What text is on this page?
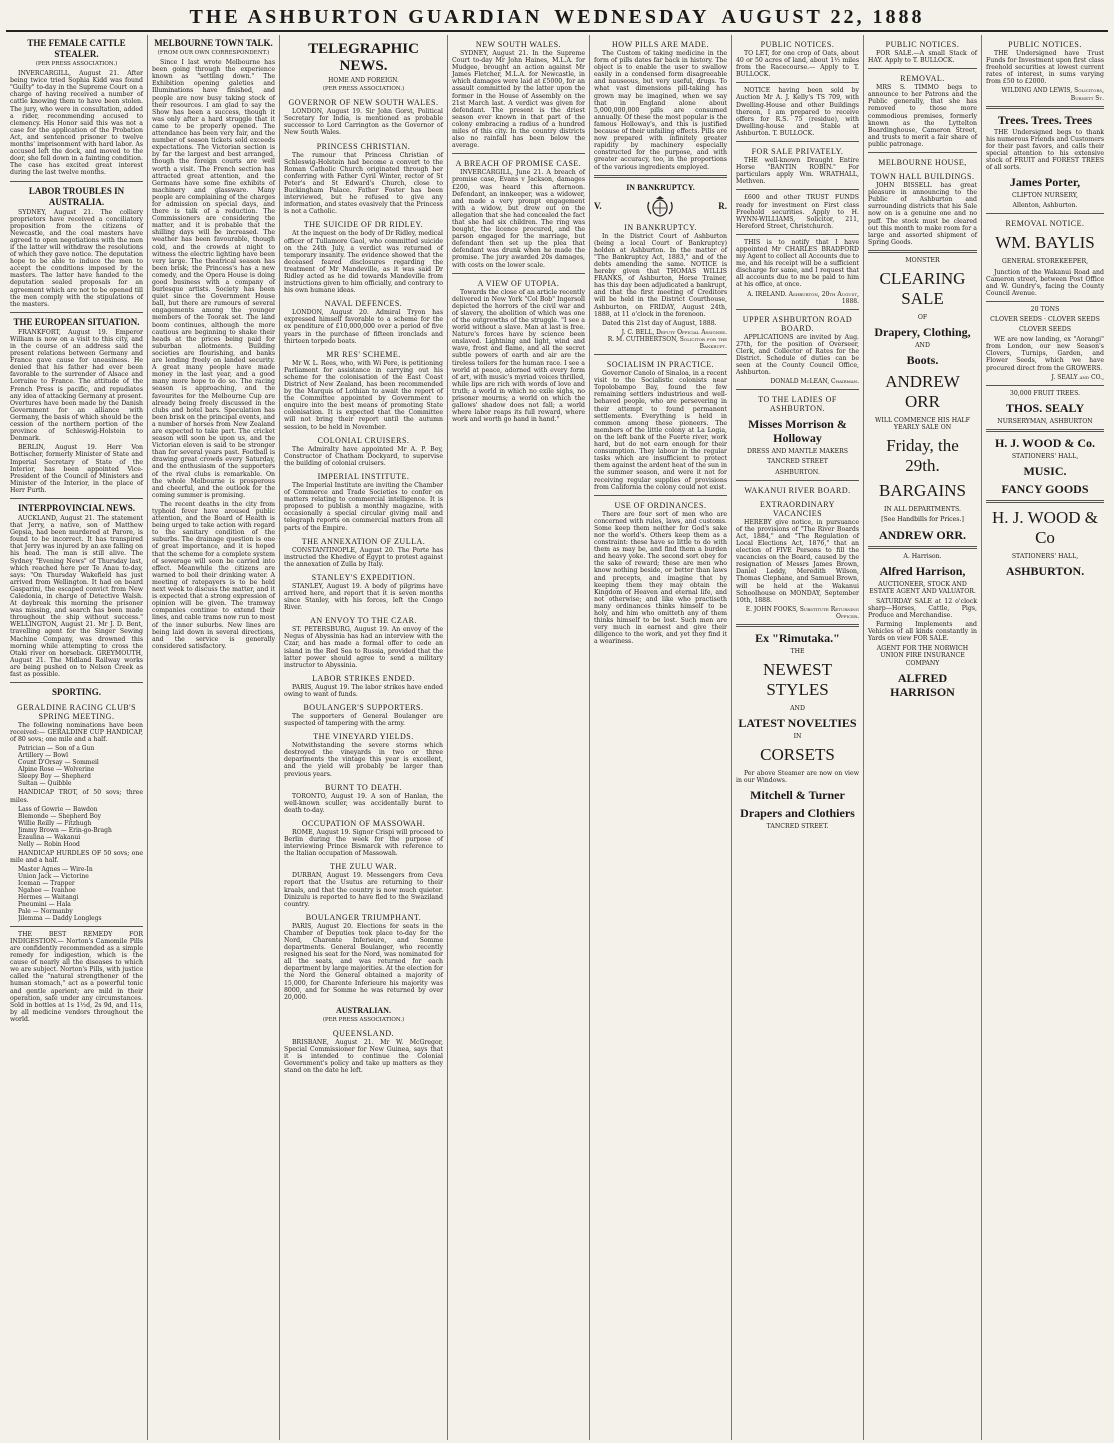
THE ASHBURTON GUARDIAN WEDNESDAY AUGUST 22, 1888
THE FEMALE CATTLE STEALER.
(PER PRESS ASSOCIATION.)

INVERCARGILL, August 21. After being twice tried Sophia Kidd was found "Guilty" to-day in the Supreme Court on a charge of having received a number of cattle knowing them to have been stolen. The jury, who were in consultation, added a rider, recommending accused to clemency. His Honor said this was not a case for the application of the Probation Act, and sentenced prisoner to twelve months' imprisonment with hard labor. As accused left the dock, and moved to the door, she fell down in a fainting condition. The case has excited great interest during the last twelve months.

LABOR TROUBLES IN AUSTRALIA.

SYDNEY, August 21. The colliery proprietors have received a conciliatory proposition from the citizens of Newcastle, and the coal masters have agreed to open negotiations with the men if the latter will withdraw the resolutions of which they gave notice. The deputation hope to be able to induce the men to accept the conditions imposed by the masters. The latter have handed to the deputation sealed proposals for an agreement which are not to be opened till the men comply with the stipulations of the masters.

THE EUROPEAN SITUATION.

FRANKFORT, August 19. Emperor William is now on a visit to this city, and in the course of an address said the present relations between Germany and France gave cause for uneasiness. He denied that his father had ever been favorable to the surrender of Alsace and Lorraine to France. The attitude of the French Press is pacific, and repudiates any idea of attacking Germany at present. Overtures have been made by the Danish Government for an alliance with Germany, the basis of which should be the cession of the northern portion of the province of Schleswig-Holstein to Denmark.

BERLIN, August 19. Herr Von Bottischer, formerly Minister of State and Imperial Secretary of State of the Interior, has been appointed Vice-President of the Council of Ministers and Minister of the Interior, in the place of Herr Furth.

INTERPROVINCIAL NEWS.

AUCKLAND, August 21. The statement that Jerry, a native, son of Matthew Gepsia, had been murdered at Parore, is found to be incorrect. It has transpired that Jerry was injured by an axe falling on his head. The man is still alive. The Sydney "Evening News" of Thursday last, which reached here per Te Anau to-day, says: "On Thursday Wakefield has just arrived from Wellington. It had on board Gasparini, the escaped convict from New Caledonia, in charge of Detective Walsh. At daybreak this morning the prisoner was missing, and search has been made throughout the ship without success." WELLINGTON, August 21. Mr J. D. Bent, travelling agent for the Singer Sewing Machine Company, was drowned this morning while attempting to cross the Otaki river on horseback. GREYMOUTH, August 21. The Midland Railway works are being pushed on to Nelson Creek as fast as possible.

SPORTING.
GERALDINE RACING CLUB'S SPRING MEETING.

The following nominations have been received:— GERALDINE CUP HANDICAP, of 80 sovs; one mile and a half.

Patrician — Son of a Gun
Artillery — Bowl
Count D'Orsay — Sommeil
Alpine Rose — Wolverine
Sleepy Boy — Shepherd
Sultan — Quibble

HANDICAP TROT, of 50 sovs; three miles.

Lass of Gowrie — Bawdon
Blemonde — Shepherd Boy
Willie Reilly — Fitzhugh
Jimmy Brown — Erin-go-Bragh
Ezaulina — Wakanui
Nelly — Robin Hood

HANDICAP HURDLES OF 50 sovs; one mile and a half.

Master Agnes — Wire-In
Union Jack — Victorine
Iceman — Trapper
Ngahee — Ivanhoe
Hermes — Waitangi
Pneumini — Hala
Pale — Normanby
Jilemma — Daddy Longlegs

THE BEST REMEDY FOR INDIGESTION.— Norton's Camomile Pills are confidently recommended as a simple remedy for indigestion, which is the cause of nearly all the diseases to which we are subject. Norton's Pills, with justice called the "natural strengthener of the human stomach," act as a powerful tonic and gentle aperient; are mild in their operation, safe under any circumstances. Sold in bottles at 1s 1½d, 2s 9d, and 11s, by all medicine vendors throughout the world.

MELBOURNE TOWN TALK.
(FROM OUR OWN CORRESPONDENT.)

Since I last wrote Melbourne has been going through the experience known as "settling down." The Exhibition opening galeties and Illuminations have finished, and people are now busy taking stock of their resources. I am glad to say the Show has been a success, though it was only after a hard struggle that it came to be properly opened. The attendance has been very fair, and the number of season tickets sold exceeds expectations. The Victorian section is by far the largest and best arranged, though the foreign courts are well worth a visit. The French section has attracted great attention, and the Germans have some fine exhibits of machinery and glassware. Many people are complaining of the charges for admission on special days, and there is talk of a reduction. The Commissioners are considering the matter, and it is probable that the shilling days will be increased. The weather has been favourable, though cold, and the crowds at night to witness the electric lighting have been very large. The theatrical season has been brisk; the Princess's has a new comedy, and the Opera House is doing good business with a company of burlesque artists. Society has been quiet since the Government House ball, but there are rumours of several engagements among the younger members of the Toorak set. The land boom continues, although the more cautious are beginning to shake their heads at the prices being paid for suburban allotments. Building societies are flourishing, and banks are lending freely on landed security. A great many people have made money in the last year, and a good many more hope to do so. The racing season is approaching, and the favourites for the Melbourne Cup are already being freely discussed in the clubs and hotel bars. Speculation has been brisk on the principal events, and a number of horses from New Zealand are expected to take part. The cricket season will soon be upon us, and the Victorian eleven is said to be stronger than for several years past. Football is drawing great crowds every Saturday, and the enthusiasm of the supporters of the rival clubs is remarkable. On the whole Melbourne is prosperous and cheerful, and the outlook for the coming summer is promising.

The recent deaths in the city from typhoid fever have aroused public attention, and the Board of Health is being urged to take action with regard to the sanitary condition of the suburbs. The drainage question is one of great importance, and it is hoped that the scheme for a complete system of sewerage will soon be carried into effect. Meanwhile the citizens are warned to boil their drinking water. A meeting of ratepayers is to be held next week to discuss the matter, and it is expected that a strong expression of opinion will be given. The tramway companies continue to extend their lines, and cable trams now run to most of the inner suburbs. New lines are being laid down in several directions, and the service is generally considered satisfactory.

TELEGRAPHIC NEWS.
HOME AND FOREIGN.
(PER PRESS ASSOCIATION.)
GOVERNOR OF NEW SOUTH WALES.

LONDON, August 19. Sir John Gorst, Political Secretary for India, is mentioned as probable successor to Lord Carrington as the Governor of New South Wales.

PRINCESS CHRISTIAN.

The rumour that Princess Christian of Schleswig-Holstein had become a convert to the Roman Catholic Church originated through her conferring with Father Cyril Winter, rector of St Peter's and St Edward's Church, close to Buckingham Palace. Father Foster has been interviewed, but he refused to give any information, and states evasively that the Princess is not a Catholic.

THE SUICIDE OF DR RIDLEY.

At the inquest on the body of Dr Ridley, medical officer of Tullamore Gaol, who committed suicide on the 24th July, a verdict was returned of temporary insanity. The evidence showed that the deceased feared disclosures regarding the treatment of Mr Mandeville, as it was said Dr Ridley acted as he did towards Mandeville from instructions given to him officially, and contrary to his own humane ideas.

NAVAL DEFENCES.

LONDON, August 20. Admiral Tryon has expressed himself favorable to a scheme for the ex penditure of £10,000,000 over a period of five years in the purchase of fifteen ironclads and thirteen torpedo boats.

MR RES' SCHEME.

Mr W. L. Rees, who, with Wi Pere, is petitioning Parliament for assistance in carrying out his scheme for the colonisation of the East Coast District of New Zealand, has been recommended by the Marquis of Lothian to await the report of the Committee appointed by Government to enquire into the best means of promoting State colonisation. It is expected that the Committee will not bring their report until the autumn session, to be held in November.

COLONIAL CRUISERS.

The Admiralty have appointed Mr A. P. Bey, Constructor of Chatham Dockyard, to supervise the building of colonial cruisers.

IMPERIAL INSTITUTE.

The Imperial Institute are inviting the Chamber of Commerce and Trade Societies to confer on matters relating to commercial intelligence. It is proposed to publish a monthly magazine, with occasionally a special circular giving mail and telegraph reports on commercial matters from all parts of the Empire.

THE ANNEXATION OF ZULLA.

CONSTANTINOPLE, August 20. The Porte has instructed the Khedive of Egypt to protest against the annexation of Zulla by Italy.

STANLEY'S EXPEDITION.

STANLEY, August 19. A body of pilgrims have arrived here, and report that it is seven months since Stanley, with his forces, left the Congo River.

AN ENVOY TO THE CZAR.

ST. PETERSBURG, August 19. An envoy of the Negus of Abyssinia has had an interview with the Czar, and has made a formal offer to cede an island in the Red Sea to Russia, provided that the latter power should agree to send a military instructor to Abyssinia.

LABOR STRIKES ENDED.

PARIS, August 19. The labor strikes have ended owing to want of funds.

BOULANGER'S SUPPORTERS.

The supporters of General Boulanger are suspected of tampering with the army.

THE VINEYARD YIELDS.

Notwithstanding the severe storms which destroyed the vineyards in two or three departments the vintage this year is excellent, and the yield will probably be larger than previous years.

BURNT TO DEATH.

TORONTO, August 19. A son of Hanlan, the well-known sculler, was accidentally burnt to death to-day.

OCCUPATION OF MASSOWAH.

ROME, August 19. Signor Crispi will proceed to Berlin during the week for the purpose of interviewing Prince Bismarck with reference to the Italian occupation of Massowah.

THE ZULU WAR.

DURBAN, August 19. Messengers from Ceva report that the Usutus are returning to their kraals, and that the country is now much quieter. Dinizulu is reported to have fled to the Swaziland country.

BOULANGER TRIUMPHANT.

PARIS, August 20. Elections for seats in the Chamber of Deputies took place to-day for the Nord, Charente Inferieure, and Somme departments. General Boulanger, who recently resigned his seat for the Nord, was nominated for all the seats, and was returned for each department by large majorities. At the election for the Nord the General obtained a majority of 15,000, for Charente Inferieure his majority was 8000, and for Somme he was returned by over 20,000.

AUSTRALIAN.
(PER PRESS ASSOCIATION.)
QUEENSLAND.

BRISBANE, August 21. Mr W. McGregor, Special Commissioner for New Guinea, says that it is intended to continue the Colonial Government's policy and take up matters as they stand on the date he left.

NEW SOUTH WALES.

SYDNEY, August 21. In the Supreme Court to-day Mr John Haines, M.L.A. for Mudgee, brought an action against Mr James Fletcher, M.L.A. for Newcastle, in which damages were laid at £5000, for an assault committed by the latter upon the former in the House of Assembly on the 21st March last. A verdict was given for defendant. The present is the driest season ever known in that part of the colony embracing a radius of a hundred miles of this city. In the country districts also no rainfall has been below the average.

A BREACH OF PROMISE CASE.

INVERCARGILL, June 21. A breach of promise case, Evans v Jackson, damages £200, was heard this afternoon. Defendant, an innkeeper, was a widower, and made a very prompt engagement with a widow, but drew out on the allegation that she had concealed the fact that she had six children. The ring was bought, the licence procured, and the parson engaged for the marriage, but defendant then set up the plea that defendant was drunk when he made the promise. The jury awarded 20s damages, with costs on the lower scale.

A VIEW OF UTOPIA.

Towards the close of an article recently delivered in New York "Col Bob" Ingersoll depicted the horrors of the civil war and of slavery, the abolition of which was one of the outgrowths of the struggle. "I see a world without a slave. Man at last is free. Nature's forces have by science been enslaved. Lightning and light, wind and wave, frost and flame, and all the secret subtle powers of earth and air are the tireless toilers for the human race. I see a world at peace, adorned with every form of art, with music's myriad voices thrilled, while lips are rich with words of love and truth; a world in which no exile sighs, no prisoner mourns; a world on which the gallows' shadow does not fall; a world where labor reaps its full reward, where work and worth go hand in hand."

HOW PILLS ARE MADE.

The Custom of taking medicine in the form of pills dates far back in history. The object is to enable the user to swallow easily in a condensed form disagreeable and nauseous, but very useful, drugs. To what vast dimensions pill-taking has grown may be imagined, when we say that in England alone about 5,000,000,000 pills are consumed annually. Of these the most popular is the famous Holloway's, and this is justified because of their unfailing effects. Pills are now prepared with infinitely greater rapidity by machinery especially constructed for the purpose, and with greater accuracy, too, in the proportions of the various ingredients employed.

IN BANKRUPTCY.
V.	R.
IN BANKRUPTCY.

In the District Court of Ashburton (being a local Court of Bankruptcy) holden at Ashburton. In the matter of "The Bankruptcy Act, 1883," and of the debts amending the same. NOTICE is hereby given that THOMAS WILLIS FRANKS, of Ashburton, Horse Trainer, has this day been adjudicated a bankrupt, and that the first meeting of Creditors will be held in the District Courthouse, Ashburton, on FRIDAY, August 24th, 1888, at 11 o'clock in the forenoon.

Dated this 21st day of August, 1888.

J. C. BELL, Deputy Official Assignee.
R. M. CUTHBERTSON, Solicitor for the Bankrupt.
SOCIALISM IN PRACTICE.

Governor Canolo of Sinaloa, in a recent visit to the Socialistic colonists near Topolobampo Bay, found the few remaining settlers industrious and well-behaved people, who are persevering in their attempt to found permanent settlements. Everything is held in common among these pioneers. The members of the little colony at La Logia, on the left bank of the Fuerte river, work hard, but do not earn enough for their consumption. They labour in the regular tasks which are insufficient to protect them against the ardent heat of the sun in the summer season, and were it not for receiving regular supplies of provisions from California the colony could not exist.

USE OF ORDINANCES.

There are four sort of men who are concerned with rules, laws, and customs. Some keep them neither for God's sake nor the world's. Others keep them as a constraint: these have so little to do with them as may be, and find them a burden and heavy yoke. The second sort obey for the sake of reward; these are men who know nothing beside, or better than laws and precepts, and imagine that by keeping them they may obtain the Kingdom of Heaven and eternal life, and not otherwise; and like who practiseth many ordinances thinks himself to be holy, and him who omitteth any of them thinks himself to be lost. Such men are very much in earnest and give their diligence to the work, and yet they find it a weariness.

PUBLIC NOTICES.

TO LET, for one crop of Oats, about 40 or 50 acres of land, about 1½ miles from the Racecourse.— Apply to T. BULLOCK.

NOTICE having been sold by Auction Mr A. J. Kelly's TS 709, with Dwelling-House and other Buildings thereon, I am prepared to receive offers for R.S. 75 (residue), with Dwelling-house and Stable at Ashburton. T. BULLOCK.

FOR SALE PRIVATELY.

THE well-known Draught Entire Horse "BANTIN ROBIN." For particulars apply Wm. WRATHALL, Methven.

£600 and other TRUST FUNDS ready for investment on First class Freehold securities. Apply to H. WYNN-WILLIAMS, Solicitor, 211, Hereford Street, Christchurch.

THIS is to notify that I have appointed Mr CHARLES BRADFORD my Agent to collect all Accounts due to me, and his receipt will be a sufficient discharge for same, and I request that all accounts due to me be paid to him at his office, at once.

A. IRELAND. Ashburton, 20th August, 1888.
UPPER ASHBURTON ROAD BOARD.

APPLICATIONS are invited by Aug. 27th, for the position of Overseer, Clerk, and Collector of Rates for the District. Schedule of duties can be seen at the County Council Office, Ashburton.

DONALD McLEAN, Chairman.
TO THE LADIES OF ASHBURTON.
Misses Morrison & Holloway
DRESS AND MANTLE MAKERS
TANCRED STREET
ASHBURTON.
WAKANUI RIVER BOARD.
EXTRAORDINARY VACANCIES

HEREBY give notice, in pursuance of the provisions of "The River Boards Act, 1884," and "The Regulation of Local Elections Act, 1876," that an election of FIVE Persons to fill the vacancies on the Board, caused by the resignation of Messrs James Brown, Daniel Leddy, Meredith Wilson, Thomas Clephane, and Samuel Brown, will be held at the Wakanui Schoolhouse on MONDAY, September 10th, 1888.

E. JOHN FOOKS, Substitute Returning Officer.
Ex "Rimutaka."
THE
NEWEST STYLES
AND
LATEST NOVELTIES
IN
CORSETS

Per above Steamer are now on view in our Windows.

Mitchell & Turner
Drapers and Clothiers
TANCRED STREET.
PUBLIC NOTICES.

FOR SALE.—A small Stack of HAY. Apply to T. BULLOCK.

REMOVAL.

MRS S. TIMMO begs to announce to her Patrons and the Public generally, that she has removed to those more commodious premises, formerly known as the Lyttelton Boardinghouse, Cameron Street, and trusts to merit a fair share of public patronage.

MELBOURNE HOUSE,
TOWN HALL BUILDINGS.

JOHN BISSELL has great pleasure in announcing to the Public of Ashburton and surrounding districts that his Sale now on is a genuine one and no puff. The stock must be cleared out this month to make room for a large and assorted shipment of Spring Goods.

MONSTER
CLEARING SALE
OF
Drapery, Clothing,
AND
Boots.
ANDREW ORR
WILL COMMENCE HIS HALF YEARLY SALE ON
Friday, the 29th.
BARGAINS
IN ALL DEPARTMENTS.
[See Handbills for Prices.]
ANDREW ORR.
A. Harrison.
Alfred Harrison,
AUCTIONEER, STOCK AND ESTATE AGENT AND VALUATOR.

SATURDAY SALE at 12 o'clock sharp—Horses, Cattle, Pigs, Produce and Merchandise.

Farming Implements and Vehicles of all kinds constantly in Yards on view FOR SALE.

AGENT FOR THE NORWICH UNION FIRE INSURANCE COMPANY
ALFRED HARRISON
PUBLIC NOTICES.

THE Undersigned have Trust Funds for Investment upon first class freehold securities at lowest current rates of interest, in sums varying from £50 to £2000.

WILDING AND LEWIS, Solicitors, Burnett St.
Trees. Trees. Trees

THE Undersigned begs to thank his numerous Friends and Customers for their past favors, and calls their special attention to his extensive stock of FRUIT and FOREST TREES of all sorts.

James Porter,
CLIFTON NURSERY,
Allenton, Ashburton.
REMOVAL NOTICE.
WM. BAYLIS
GENERAL STOREKEEPER,

Junction of the Wakanui Road and Cameron street, between Post Office and W. Gundry's, facing the County Council Avenue.

20 TONS
CLOVER SEEDS · CLOVER SEEDS
CLOVER SEEDS

WE are now landing, ex "Aorangi" from London, our new Season's Clovers, Turnips, Garden, and Flower Seeds, which we have procured direct from the GROWERS.

J. SEALY and CO.,
30,000 FRUIT TREES.
THOS. SEALY
NURSERYMAN, ASHBURTON
H. J. WOOD & Co.
STATIONERS' HALL,
MUSIC.
FANCY GOODS
H. J. WOOD & Co
STATIONERS' HALL,
ASHBURTON.
